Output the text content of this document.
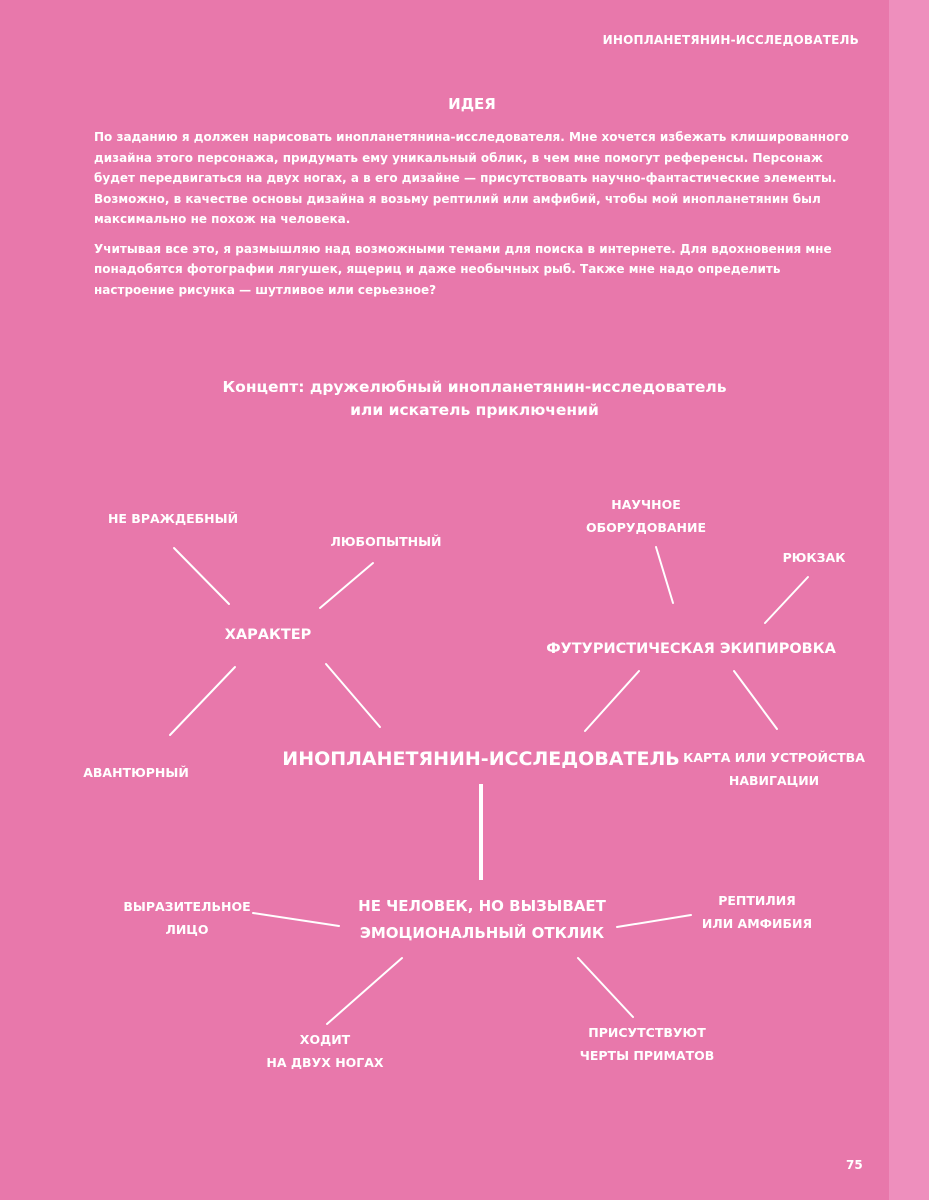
ИНОПЛАНЕТЯНИН-ИССЛЕДОВАТЕЛЬ
ИДЕЯ

По заданию я должен нарисовать инопланетянина-исследователя. Мне хочется избежать клишированного дизайна этого персонажа, придумать ему уникальный облик, в чем мне помогут референсы. Персонаж будет передвигаться на двух ногах, а в его дизайне — присутствовать научно-фантастические элементы. Возможно, в качестве основы дизайна я возьму рептилий или амфибий, чтобы мой инопланетянин был максимально не похож на человека.

Учитывая все это, я размышляю над возможными темами для поиска в интернете. Для вдохновения мне понадобятся фотографии лягушек, ящериц и даже необычных рыб. Также мне надо определить настроение рисунка — шутливое или серьезное?

Концепт: дружелюбный инопланетянин-исследователь
или искатель приключений
ИНОПЛАНЕТЯНИН-ИССЛЕДОВАТЕЛЬ
ХАРАКТЕР
НЕ ВРАЖДЕБНЫЙ
ЛЮБОПЫТНЫЙ
АВАНТЮРНЫЙ
ФУТУРИСТИЧЕСКАЯ ЭКИПИРОВКА
НАУЧНОЕ
ОБОРУДОВАНИЕ
РЮКЗАК
КАРТА ИЛИ УСТРОЙСТВА
НАВИГАЦИИ
НЕ ЧЕЛОВЕК, НО ВЫЗЫВАЕТ
ЭМОЦИОНАЛЬНЫЙ ОТКЛИК
ВЫРАЗИТЕЛЬНОЕ
ЛИЦО
РЕПТИЛИЯ
ИЛИ АМФИБИЯ
ХОДИТ
НА ДВУХ НОГАХ
ПРИСУТСТВУЮТ
ЧЕРТЫ ПРИМАТОВ
75
